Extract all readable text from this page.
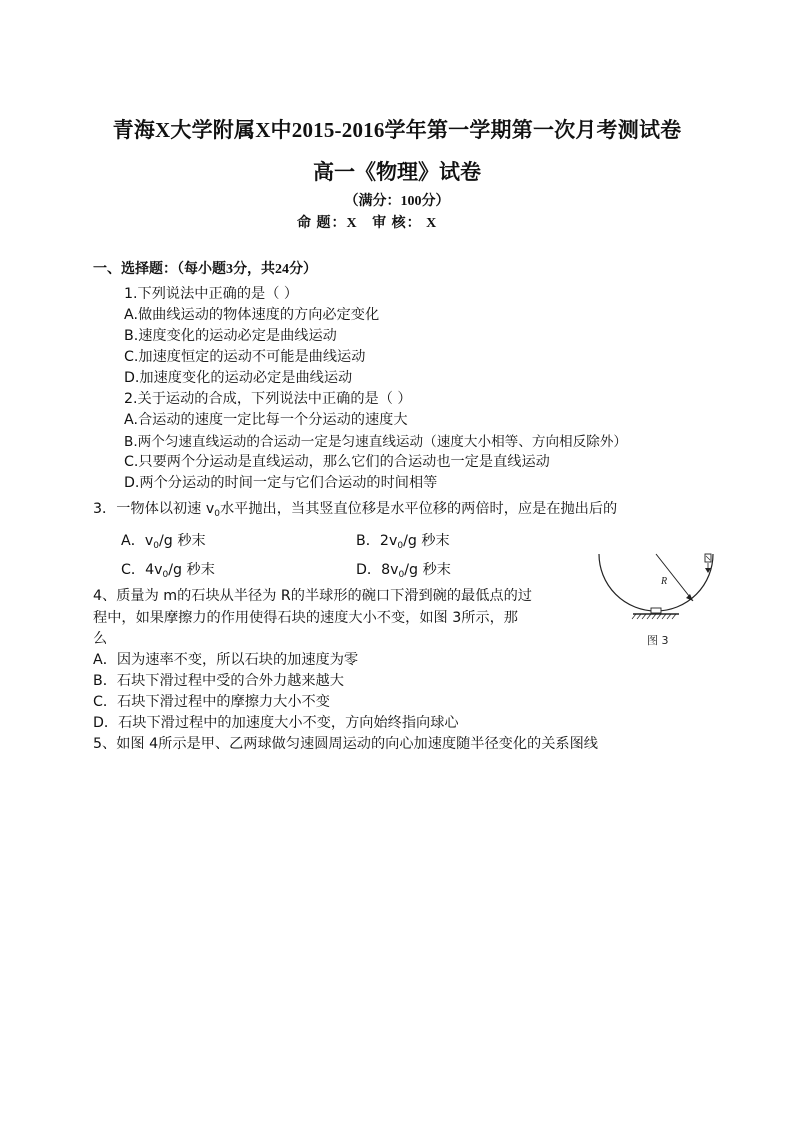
青海X大学附属X中2015-2016学年第一学期第一次月考测试卷
高一《物理》试卷
（满分：100分）
命 题：X 审 核： X
一、选择题：（每小题3分，共24分）
1.下列说法中正确的是（ ）
A.做曲线运动的物体速度的方向必定变化
B.速度变化的运动必定是曲线运动
C.加速度恒定的运动不可能是曲线运动
D.加速度变化的运动必定是曲线运动
2.关于运动的合成，下列说法中正确的是（ ）
A.合运动的速度一定比每一个分运动的速度大
B.两个匀速直线运动的合运动一定是匀速直线运动（速度大小相等、方向相反除外）
C.只要两个分运动是直线运动，那么它们的合运动也一定是直线运动
D.两个分运动的时间一定与它们合运动的时间相等
3．一物体以初速 $v_0$水平抛出，当其竖直位移是水平位移的两倍时，应是在抛出后的
A．$v_0/g$ 秒末	B．$2v_0/g$ 秒末
C．$4v_0/g$ 秒末	D．$8v_0/g$ 秒末
4、质量为 m的石块从半径为 R的半球形的碗口下滑到碗的最低点的过
程中，如果摩擦力的作用使得石块的速度大小不变，如图 3所示，那
么
A．因为速率不变，所以石块的加速度为零
B．石块下滑过程中受的合外力越来越大
C．石块下滑过程中的摩擦力大小不变
D．石块下滑过程中的加速度大小不变，方向始终指向球心
5、如图 4所示是甲、乙两球做匀速圆周运动的向心加速度随半径变化的关系图线
R
图 3
